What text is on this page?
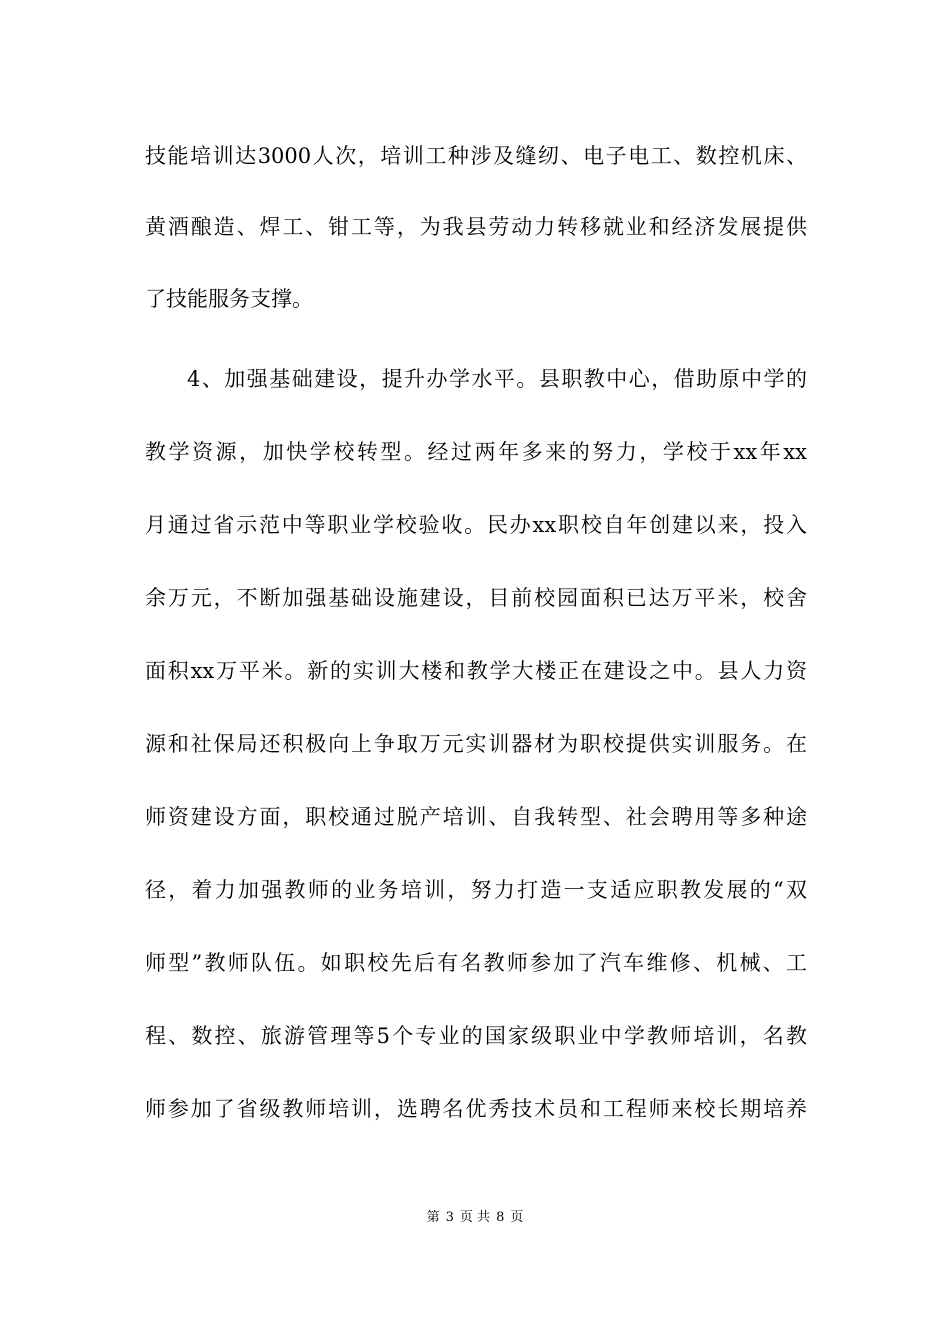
技能培训达3000人次，培训工种涉及缝纫、电子电工、数控机床、
黄酒酿造、焊工、钳工等，为我县劳动力转移就业和经济发展提供
了技能服务支撑。
4、加强基础建设，提升办学水平。县职教中心，借助原中学的
教学资源，加快学校转型。经过两年多来的努力，学校于xx年xx
月通过省示范中等职业学校验收。民办xx职校自年创建以来，投入
余万元，不断加强基础设施建设，目前校园面积已达万平米，校舍
面积xx万平米。新的实训大楼和教学大楼正在建设之中。县人力资
源和社保局还积极向上争取万元实训器材为职校提供实训服务。在
师资建设方面，职校通过脱产培训、自我转型、社会聘用等多种途
径，着力加强教师的业务培训，努力打造一支适应职教发展的“双
师型”教师队伍。如职校先后有名教师参加了汽车维修、机械、工
程、数控、旅游管理等5个专业的国家级职业中学教师培训，名教
师参加了省级教师培训，选聘名优秀技术员和工程师来校长期培养
第 3 页 共 8 页
